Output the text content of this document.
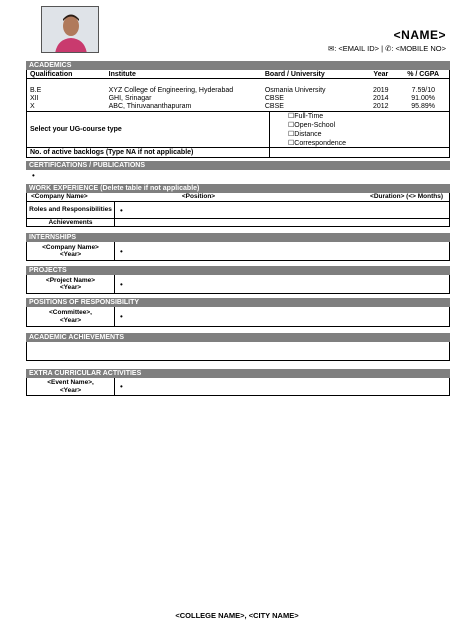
<NAME>
✉: <EMAIL ID> | ✆: <MOBILE NO>
ACADEMICS
Qualification	Institute	Board / University	Year	% / CGPA
B.E	XYZ College of Engineering, Hyderabad	Osmania University	2019	7.59/10
XII	GHI, Srinagar	CBSE	2014	91.00%
X	ABC, Thiruvananthapuram	CBSE	2012	95.89%
Select your UG-course type
☐Full-Time
☐Open-School
☐Distance
☐Correspondence
No. of active backlogs (Type NA if not applicable)
CERTIFICATIONS / PUBLICATIONS
•
WORK EXPERIENCE (Delete table if not applicable)
<Company Name>	<Position>	<Duration> (<> Months)
Roles and Responsibilities	•
Achievements
INTERNSHIPS
<Company Name>
<Year>	•
PROJECTS
<Project Name>
<Year>	•
POSITIONS OF RESPONSIBILITY
<Committee>,
<Year>	•
ACADEMIC ACHIEVEMENTS
EXTRA CURRICULAR ACTIVITIES
<Event Name>,
<Year>	•
<COLLEGE NAME>, <CITY NAME>
